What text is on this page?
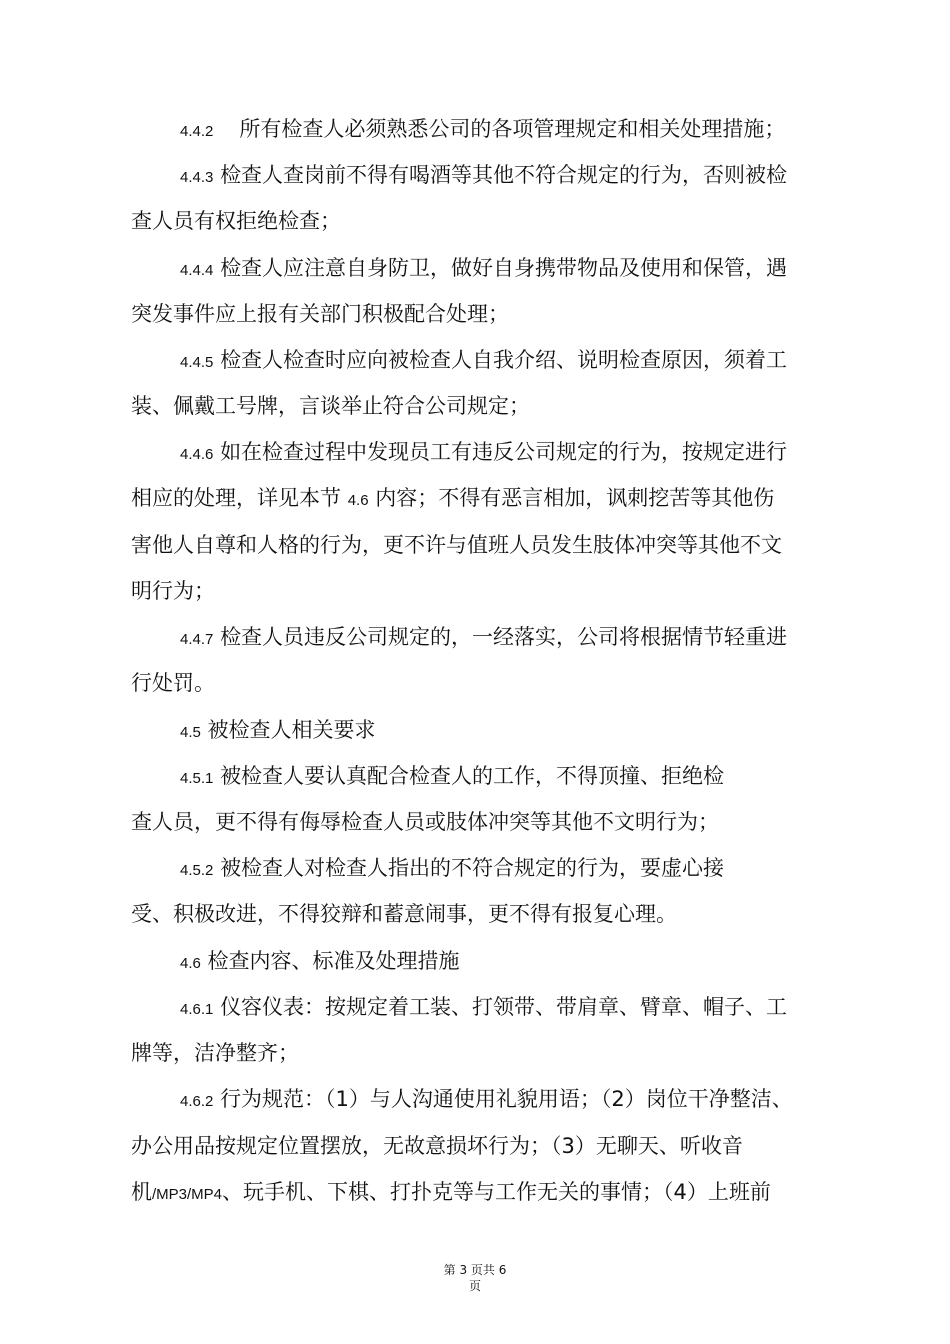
4.4.2 所有检查人必须熟悉公司的各项管理规定和相关处理措施；
4.4.3 检查人查岗前不得有喝酒等其他不符合规定的行为，否则被检
查人员有权拒绝检查；
4.4.4 检查人应注意自身防卫，做好自身携带物品及使用和保管，遇
突发事件应上报有关部门积极配合处理；
4.4.5 检查人检查时应向被检查人自我介绍、说明检查原因，须着工
装、佩戴工号牌，言谈举止符合公司规定；
4.4.6 如在检查过程中发现员工有违反公司规定的行为，按规定进行
相应的处理，详见本节 4.6 内容；不得有恶言相加，讽刺挖苦等其他伤
害他人自尊和人格的行为，更不许与值班人员发生肢体冲突等其他不文
明行为；
4.4.7 检查人员违反公司规定的，一经落实，公司将根据情节轻重进
行处罚。
4.5 被检查人相关要求
4.5.1 被检查人要认真配合检查人的工作，不得顶撞、拒绝检
查人员，更不得有侮辱检查人员或肢体冲突等其他不文明行为；
4.5.2 被检查人对检查人指出的不符合规定的行为，要虚心接
受、积极改进，不得狡辩和蓄意闹事，更不得有报复心理。
4.6 检查内容、标准及处理措施
4.6.1 仪容仪表：按规定着工装、打领带、带肩章、臂章、帽子、工
牌等，洁净整齐；
4.6.2 行为规范：（1）与人沟通使用礼貌用语；（2）岗位干净整洁、
办公用品按规定位置摆放，无故意损坏行为；（3）无聊天、听收音
机/MP3/MP4、玩手机、下棋、打扑克等与工作无关的事情；（4）上班前
第 3 页共 6
页
